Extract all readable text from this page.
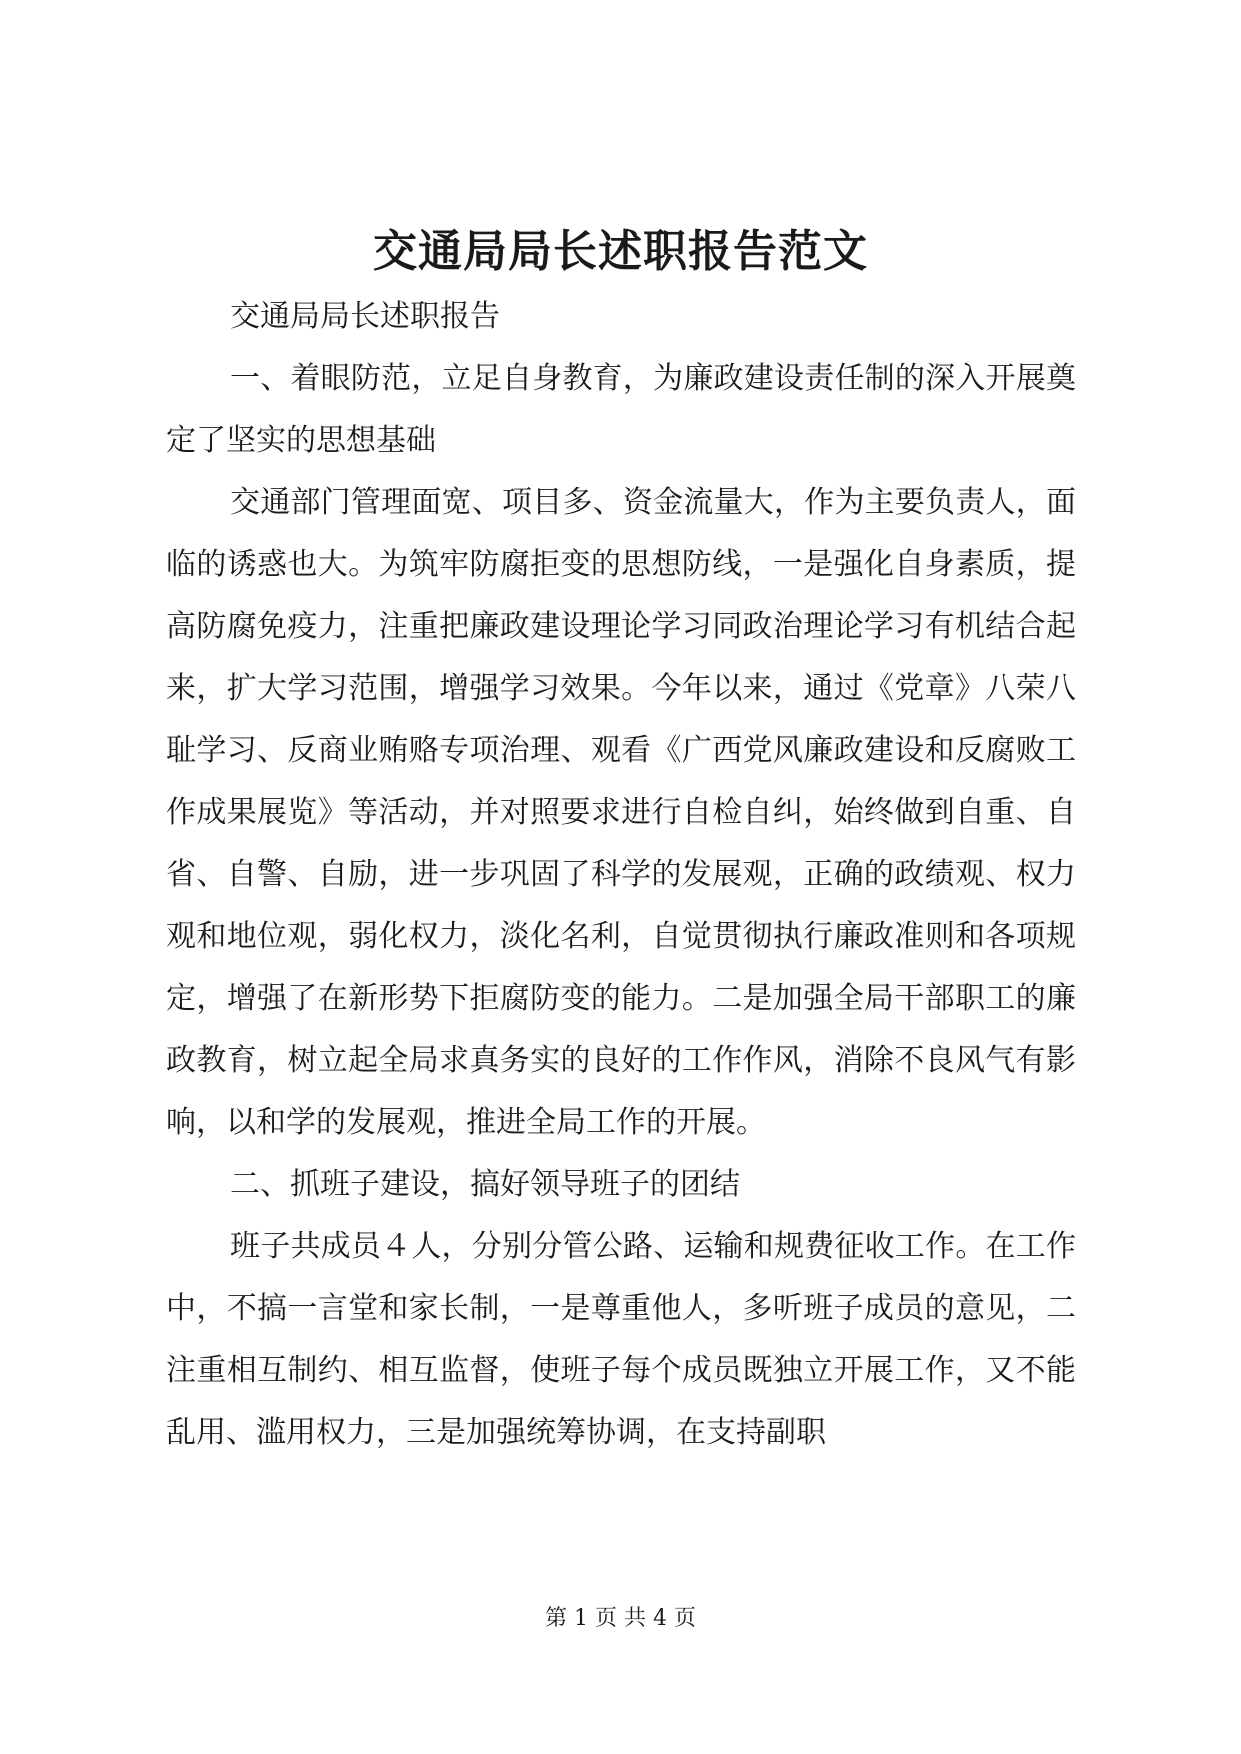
交通局局长述职报告范文

交通局局长述职报告

一、着眼防范，立足自身教育，为廉政建设责任制的深入开展奠定了坚实的思想基础

交通部门管理面宽、项目多、资金流量大，作为主要负责人，面临的诱惑也大。为筑牢防腐拒变的思想防线，一是强化自身素质，提高防腐免疫力，注重把廉政建设理论学习同政治理论学习有机结合起来，扩大学习范围，增强学习效果。今年以来，通过《党章》八荣八耻学习、反商业贿赂专项治理、观看《广西党风廉政建设和反腐败工作成果展览》等活动，并对照要求进行自检自纠，始终做到自重、自省、自警、自励，进一步巩固了科学的发展观，正确的政绩观、权力观和地位观，弱化权力，淡化名利，自觉贯彻执行廉政准则和各项规定，增强了在新形势下拒腐防变的能力。二是加强全局干部职工的廉政教育，树立起全局求真务实的良好的工作作风，消除不良风气有影响，以和学的发展观，推进全局工作的开展。

二、抓班子建设，搞好领导班子的团结

班子共成员４人，分别分管公路、运输和规费征收工作。在工作中，不搞一言堂和家长制，一是尊重他人，多听班子成员的意见，二注重相互制约、相互监督，使班子每个成员既独立开展工作，又不能乱用、滥用权力，三是加强统筹协调，在支持副职

第 1 页 共 4 页
